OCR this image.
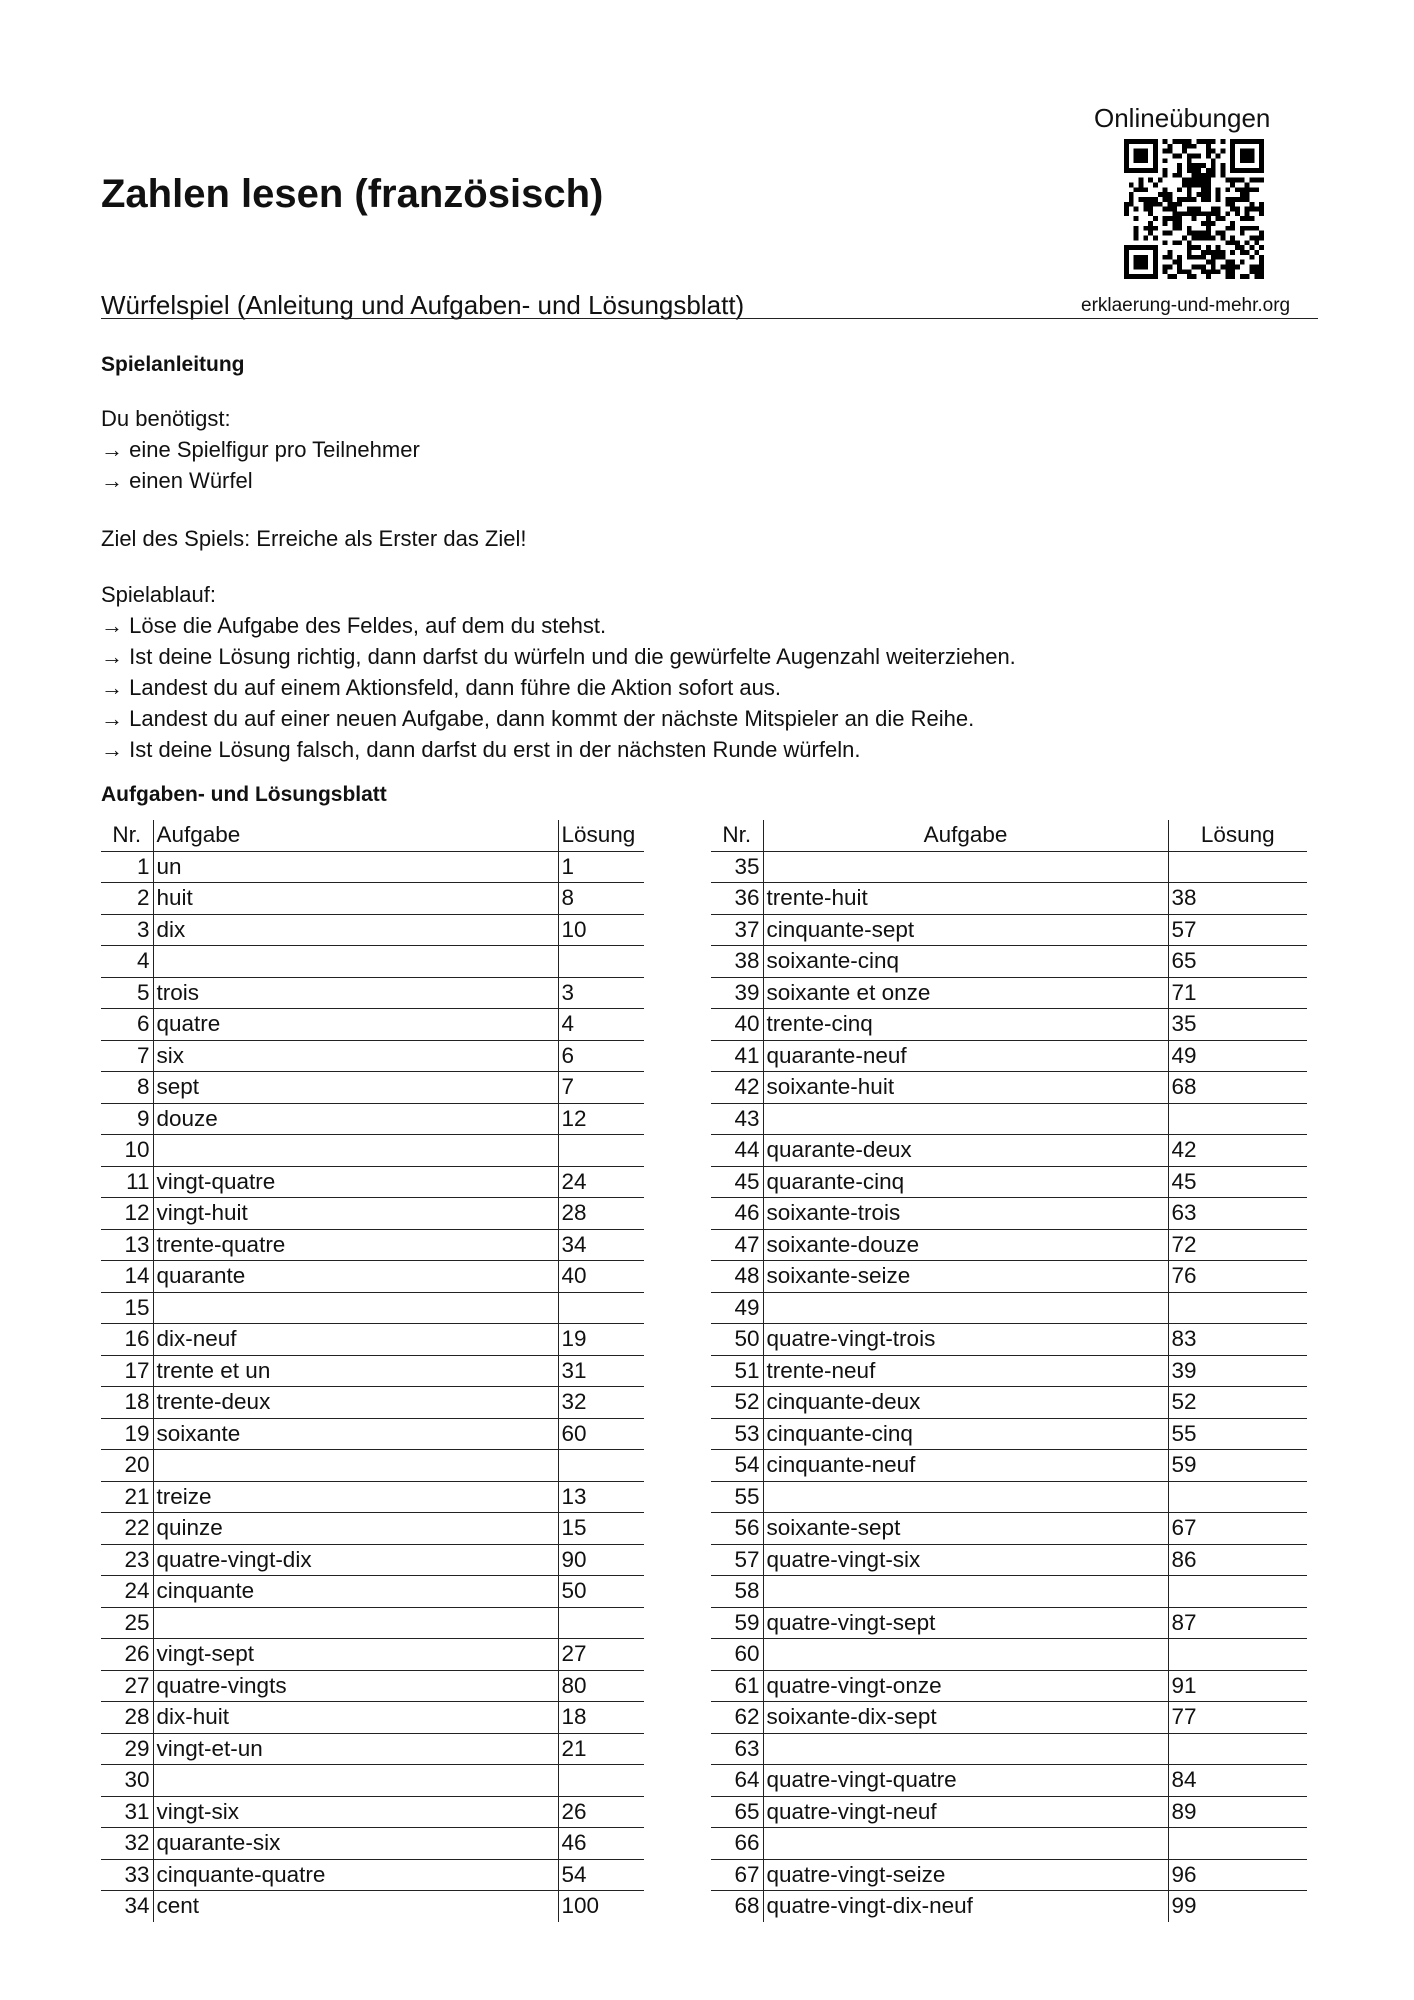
Zahlen lesen (französisch)
Onlineübungen
Würfelspiel (Anleitung und Aufgaben- und Lösungsblatt)	erklaerung-und-mehr.org
Spielanleitung
Du benötigst:
→ eine Spielfigur pro Teilnehmer
→ einen Würfel
Ziel des Spiels: Erreiche als Erster das Ziel!
Spielablauf:
→ Löse die Aufgabe des Feldes, auf dem du stehst.
→ Ist deine Lösung richtig, dann darfst du würfeln und die gewürfelte Augenzahl weiterziehen.
→ Landest du auf einem Aktionsfeld, dann führe die Aktion sofort aus.
→ Landest du auf einer neuen Aufgabe, dann kommt der nächste Mitspieler an die Reihe.
→ Ist deine Lösung falsch, dann darfst du erst in der nächsten Runde würfeln.
Aufgaben- und Lösungsblatt
Nr.	Aufgabe	Lösung
1	un	1
2	huit	8
3	dix	10
4		
5	trois	3
6	quatre	4
7	six	6
8	sept	7
9	douze	12
10		
11	vingt-quatre	24
12	vingt-huit	28
13	trente-quatre	34
14	quarante	40
15		
16	dix-neuf	19
17	trente et un	31
18	trente-deux	32
19	soixante	60
20		
21	treize	13
22	quinze	15
23	quatre-vingt-dix	90
24	cinquante	50
25		
26	vingt-sept	27
27	quatre-vingts	80
28	dix-huit	18
29	vingt-et-un	21
30		
31	vingt-six	26
32	quarante-six	46
33	cinquante-quatre	54
34	cent	100
Nr.	Aufgabe	Lösung
35		
36	trente-huit	38
37	cinquante-sept	57
38	soixante-cinq	65
39	soixante et onze	71
40	trente-cinq	35
41	quarante-neuf	49
42	soixante-huit	68
43		
44	quarante-deux	42
45	quarante-cinq	45
46	soixante-trois	63
47	soixante-douze	72
48	soixante-seize	76
49		
50	quatre-vingt-trois	83
51	trente-neuf	39
52	cinquante-deux	52
53	cinquante-cinq	55
54	cinquante-neuf	59
55		
56	soixante-sept	67
57	quatre-vingt-six	86
58		
59	quatre-vingt-sept	87
60		
61	quatre-vingt-onze	91
62	soixante-dix-sept	77
63		
64	quatre-vingt-quatre	84
65	quatre-vingt-neuf	89
66		
67	quatre-vingt-seize	96
68	quatre-vingt-dix-neuf	99
